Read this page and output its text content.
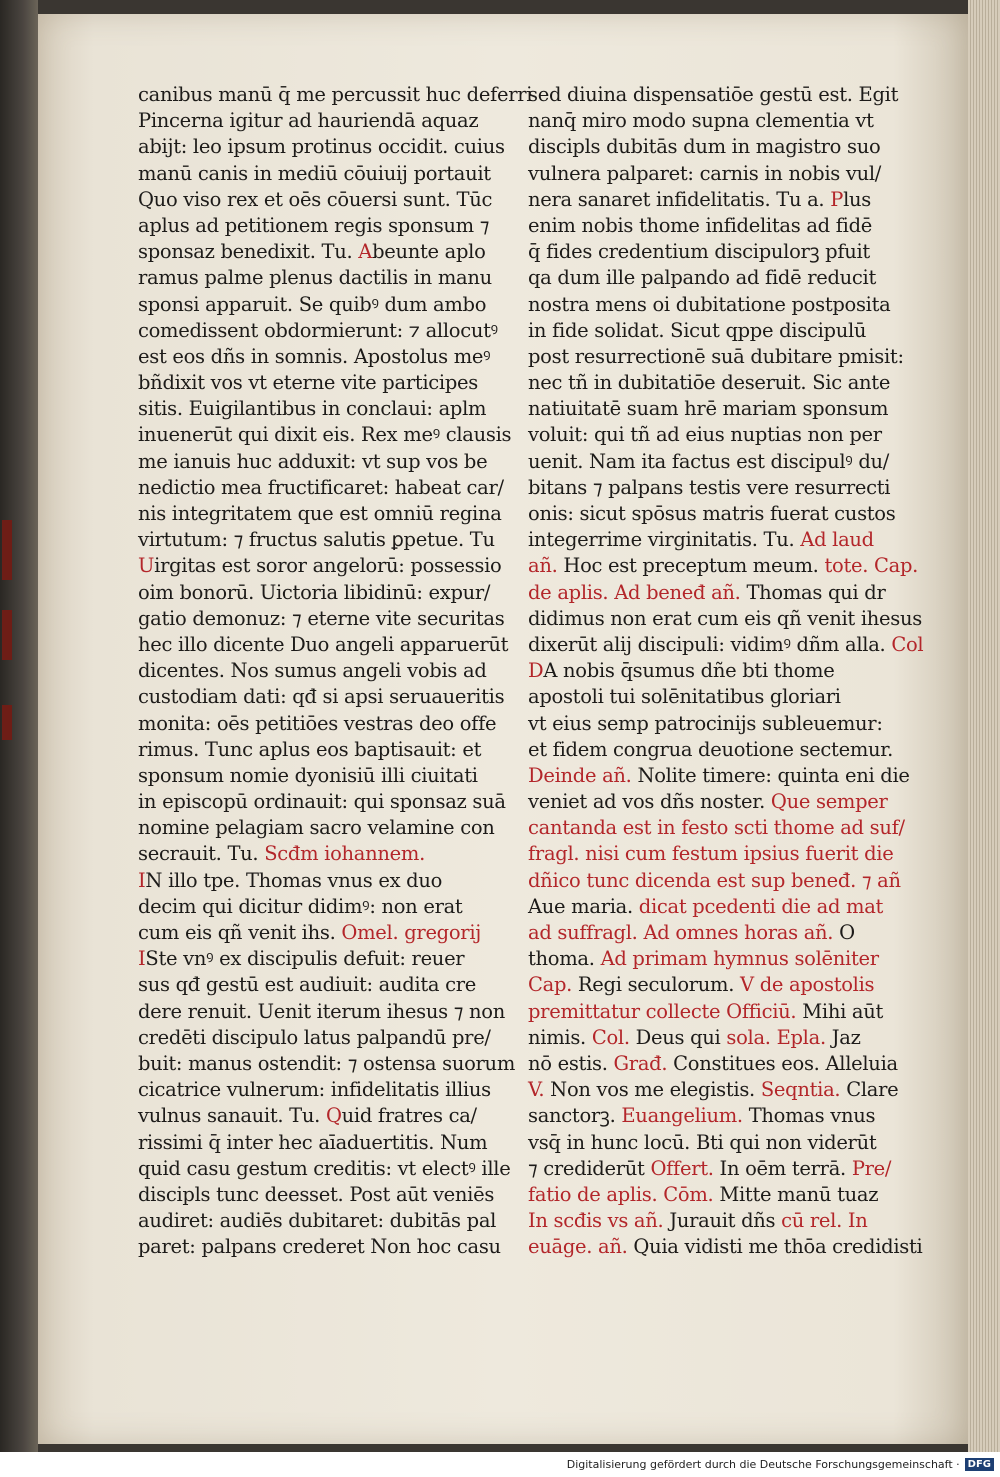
canibus manū q̄ me percussit huc deferri
Pincerna igitur ad hauriendā aquaz
abijt: leo ipsum protinus occidit. cuius
manū canis in mediū cōuiuij portauit
Quo viso rex et oēs cōuersi sunt. Tūc
aplus ad petitionem regis sponsum ⁊
sponsaz benedixit. Tu. Abeunte aplo
ramus palme plenus dactilis in manu
sponsi apparuit. Se quibꝰ dum ambo
comedissent obdormierunt: ⁊ allocutꝰ
est eos dñs in somnis. Apostolus meꝰ
bñdixit vos vt eterne vite participes
sitis. Euigilantibus in conclaui: aplm
inuenerūt qui dixit eis. Rex meꝰ clausis
me ianuis huc adduxit: vt sup vos be
nedictio mea fructificaret: habeat car/
nis integritatem que est omniū regina
virtutum: ⁊ fructus salutis ꝑpetue. Tu
Uirgitas est soror angelorū: possessio
oim bonorū. Uictoria libidinū: expur/
gatio demonuz: ⁊ eterne vite securitas
hec illo dicente Duo angeli apparuerūt
dicentes. Nos sumus angeli vobis ad
custodiam dati: qđ si apsi seruaueritis
monita: oēs petitiōes vestras deo offe
rimus. Tunc aplus eos baptisauit: et
sponsum nomie dyonisiū illi ciuitati
in episcopū ordinauit: qui sponsaz suā
nomine pelagiam sacro velamine con
secrauit. Tu. Scđm iohannem.
IN illo tpe. Thomas vnus ex duo
decim qui dicitur didimꝰ: non erat
cum eis qñ venit ihs. Omel. gregorij
ISte vnꝰ ex discipulis defuit: reuer
sus qđ gestū est audiuit: audita cre
dere renuit. Uenit iterum ihesus ⁊ non
credēti discipulo latus palpandū pre/
buit: manus ostendit: ⁊ ostensa suorum
cicatrice vulnerum: infidelitatis illius
vulnus sanauit. Tu. Quid fratres ca/
rissimi q̄ inter hec aīaduertitis. Num
quid casu gestum creditis: vt electꝰ ille
discipls tunc deesset. Post aūt veniēs
audiret: audiēs dubitaret: dubitās pal
paret: palpans crederet Non hoc casu
sed diuina dispensatiōe gestū est. Egit
nanq̄ miro modo supna clementia vt
discipls dubitās dum in magistro suo
vulnera palparet: carnis in nobis vul/
nera sanaret infidelitatis. Tu a. Plus
enim nobis thome infidelitas ad fidē
q̄ fides credentium discipulorꝫ pfuit
qa dum ille palpando ad fidē reducit
nostra mens oi dubitatione postposita
in fide solidat. Sicut qppe discipulū
post resurrectionē suā dubitare pmisit:
nec tñ in dubitatiōe deseruit. Sic ante
natiuitatē suam hrē mariam sponsum
voluit: qui tñ ad eius nuptias non per
uenit. Nam ita factus est discipulꝰ du/
bitans ⁊ palpans testis vere resurrecti
onis: sicut spōsus matris fuerat custos
integerrime virginitatis. Tu. Ad laud
añ. Hoc est preceptum meum. tote. Cap.
de aplis. Ad beneđ añ. Thomas qui dr
didimus non erat cum eis qñ venit ihesus
dixerūt alij discipuli: vidimꝰ dñm alla. Col
DA nobis q̄sumus dñe bti thome
apostoli tui solēnitatibus gloriari
vt eius semp patrocinijs subleuemur:
et fidem congrua deuotione sectemur.
Deinde añ. Nolite timere: quinta eni die
veniet ad vos dñs noster. Que semper
cantanda est in festo scti thome ad suf/
fragl. nisi cum festum ipsius fuerit die
dñico tunc dicenda est sup beneđ. ⁊ añ
Aue maria. dicat pcedenti die ad mat
ad suffragl. Ad omnes horas añ. O
thoma. Ad primam hymnus solēniter
Cap. Regi seculorum. V de apostolis
premittatur collecte Officiū. Mihi aūt
nimis. Col. Deus qui sola. Epla. Jaz
nō estis. Građ. Constitues eos. Alleluia
V. Non vos me elegistis. Seqntia. Clare
sanctorꝫ. Euangelium. Thomas vnus
vsq̄ in hunc locū. Bti qui non viderūt
⁊ crediderūt Offert. In oēm terrā. Pre/
fatio de aplis. Cōm. Mitte manū tuaz
In scđis vs añ. Jurauit dñs cū rel. In
euāge. añ. Quia vidisti me thōa credidisti
Digitalisierung gefördert durch die Deutsche Forschungsgemeinschaft · DFG
